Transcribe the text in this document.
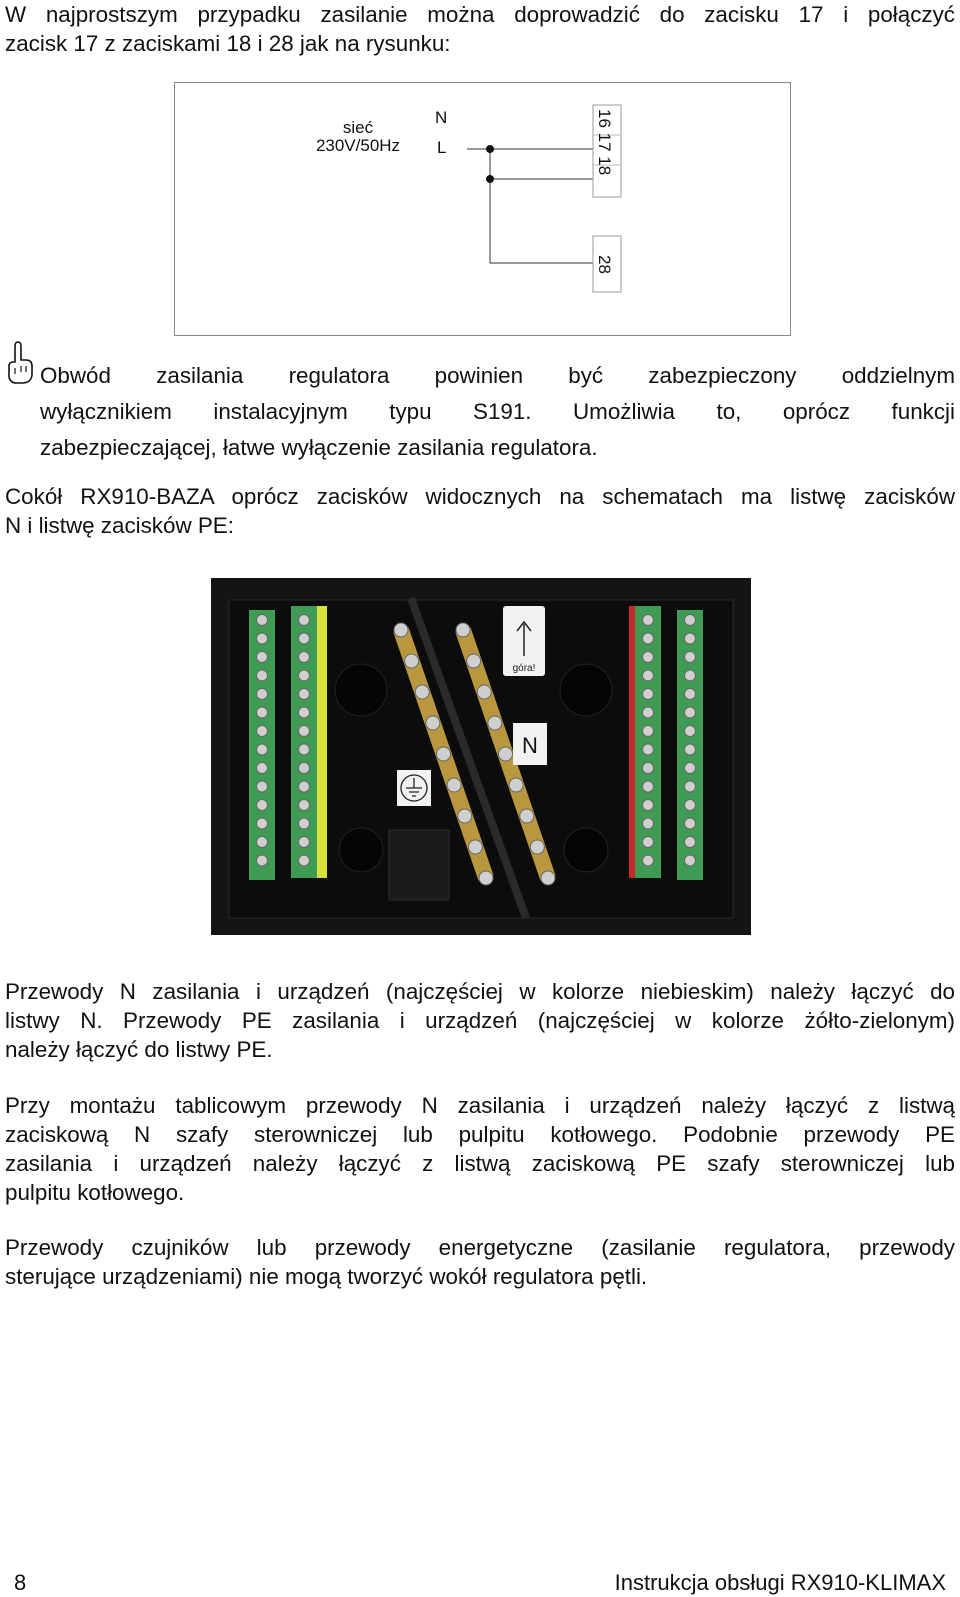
W najprostszym przypadku zasilanie można doprowadzić do zacisku 17 i połączyć
zacisk 17 z zaciskami 18 i 28 jak na rysunku:
sieć
230V/50Hz
N
L	16 17 18
28
Obwód zasilania regulatora powinien być zabezpieczony oddzielnym
wyłącznikiem instalacyjnym typu S191. Umożliwia to, oprócz funkcji
zabezpieczającej, łatwe wyłączenie zasilania regulatora.
Cokół RX910-BAZA oprócz zacisków widocznych na schematach ma listwę zacisków
N i listwę zacisków PE:
góra!
N
Przewody N zasilania i urządzeń (najczęściej w kolorze niebieskim) należy łączyć do
listwy N. Przewody PE zasilania i urządzeń (najczęściej w kolorze żółto-zielonym)
należy łączyć do listwy PE.
Przy montażu tablicowym przewody N zasilania i urządzeń należy łączyć z listwą
zaciskową N szafy sterowniczej lub pulpitu kotłowego. Podobnie przewody PE
zasilania i urządzeń należy łączyć z listwą zaciskową PE szafy sterowniczej lub
pulpitu kotłowego.
Przewody czujników lub przewody energetyczne (zasilanie regulatora, przewody
sterujące urządzeniami) nie mogą tworzyć wokół regulatora pętli.
8	Instrukcja obsługi RX910-KLIMAX
